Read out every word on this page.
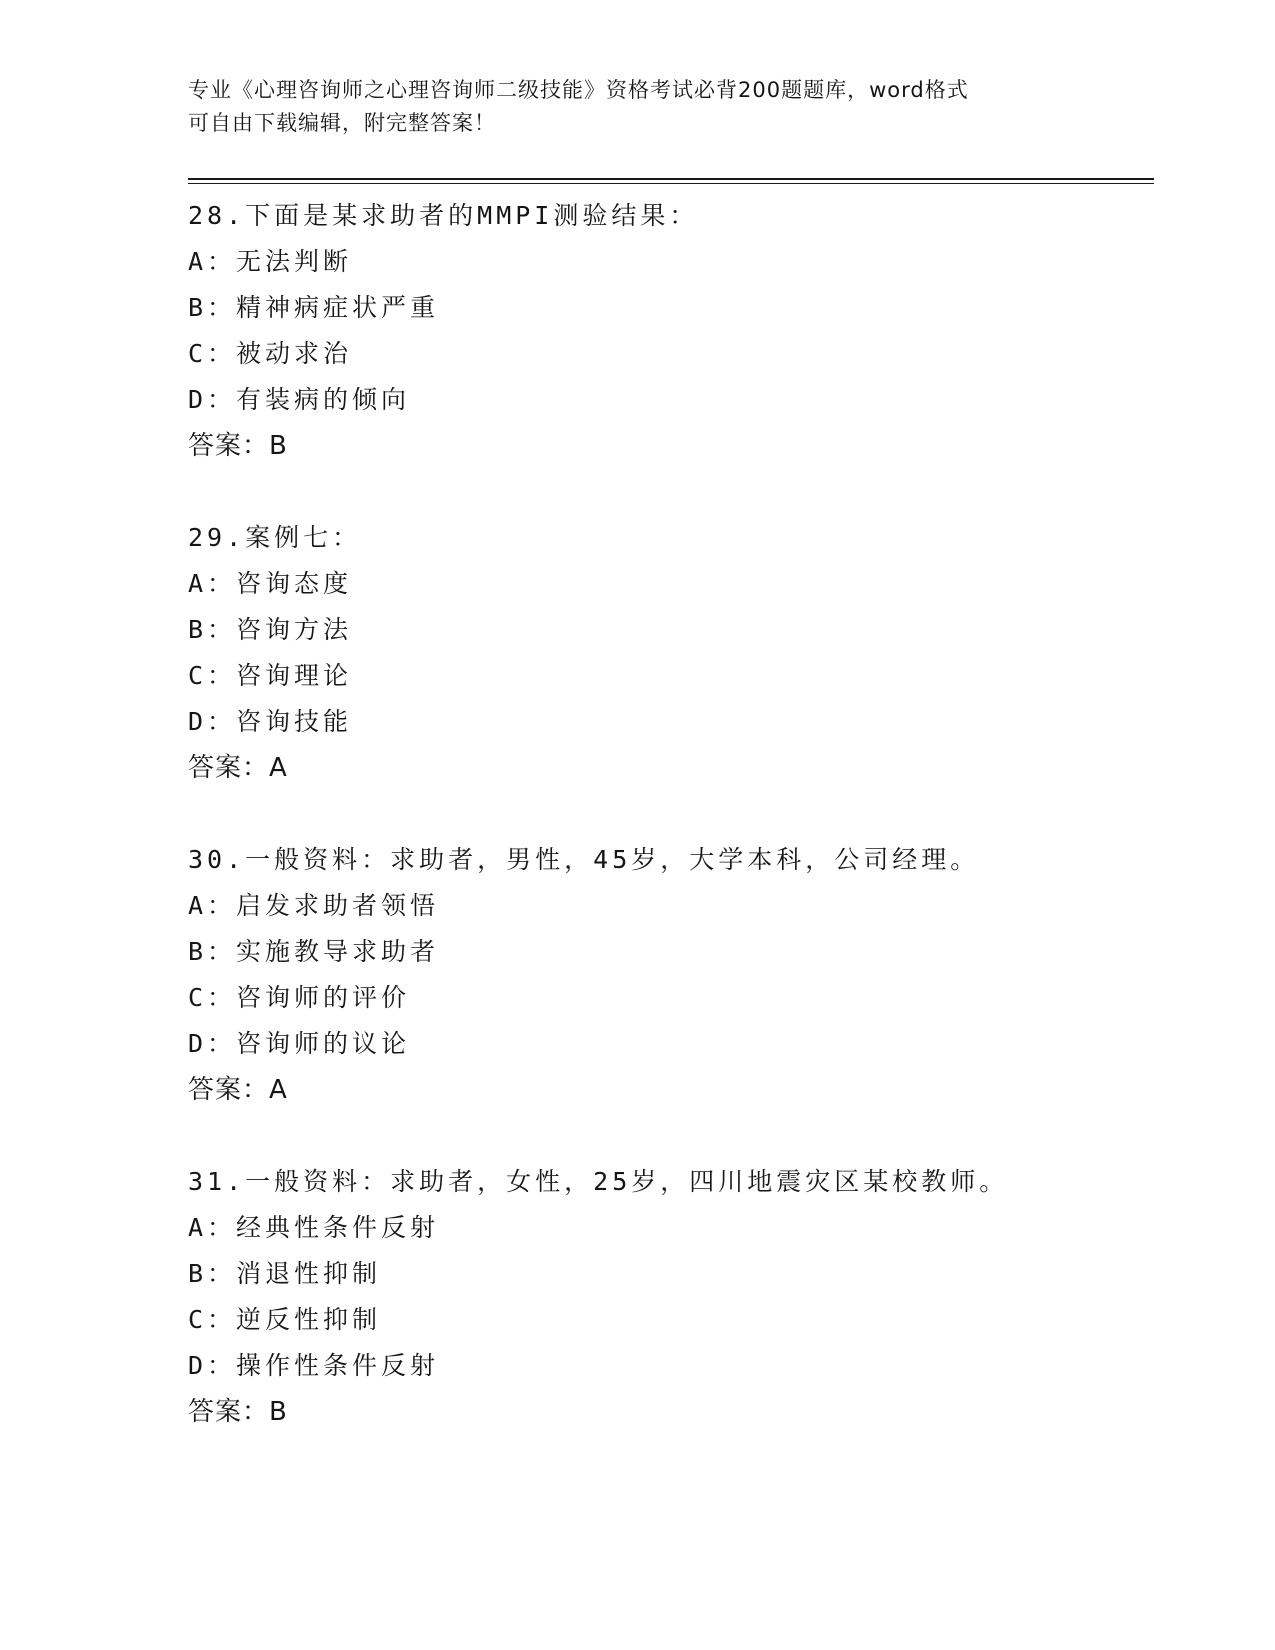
专业《心理咨询师之心理咨询师二级技能》资格考试必背200题题库，word格式
可自由下载编辑，附完整答案！
28.下面是某求助者的MMPI测验结果：
A：无法判断
B：精神病症状严重
C：被动求治
D：有装病的倾向
答案：B
29.案例七：
A：咨询态度
B：咨询方法
C：咨询理论
D：咨询技能
答案：A
30.一般资料：求助者，男性，45岁，大学本科，公司经理。
A：启发求助者领悟
B：实施教导求助者
C：咨询师的评价
D：咨询师的议论
答案：A
31.一般资料：求助者，女性，25岁，四川地震灾区某校教师。
A：经典性条件反射
B：消退性抑制
C：逆反性抑制
D：操作性条件反射
答案：B
